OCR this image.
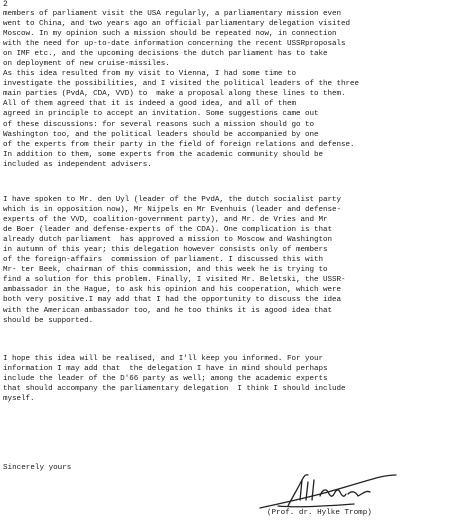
2
members of parliament visit the USA regularly, a parliamentary mission even
went to China, and two years ago an official parliamentary delegation visited
Moscow. In my opinion such a mission should be repeated now, in connection
with the need for up-to-date information concerning the recent USSRproposals
on IMF etc., and the upcoming decisions the dutch parliament has to take
on deployment of new cruise-missiles.
As this idea resulted from my visit to Vienna, I had some time to
investigate the possibilities, and I visited the political leaders of the three
main parties (PvdA, CDA, VVD) to  make a proposal along these lines to them.
All of them agreed that it is indeed a good idea, and all of them
agreed in principle to accept an invitation. Some suggestions came out
of these discussions: for several reasons such a mission should go to
Washington too, and the political leaders should be accompanied by one
of the experts from their party in the field of foreign relations and defense.
In addition to them, some experts from the academic community should be
included as independent advisers.
I have spoken to Mr. den Uyl (leader of the PvdA, the dutch socialist party
which is in opposition now), Mr Nijpels en Mr Evenhuis (leader and defense-
experts of the VVD, coalition-government party), and Mr. de Vries and Mr
de Boer (leader and defense-experts of the CDA). One complication is that
already dutch parliament  has approved a mission to Moscow and Washington
in autumn of this year; this delegation however consists only of members
of the foreign-affairs  commission of parliament. I discussed this with
Mr- ter Beek, chairman of this commission, and this week he is trying to
find a solution for this problem. Finally, I visited Mr. Beletski, the USSR-
ambassador in the Hague, to ask his opinion and his cooperation, which were
both very positive.I may add that I had the opportunity to discuss the idea
with the American ambassador too, and he too thinks it is agood idea that
should be supported.
I hope this idea will be realised, and I'll keep you informed. For your
information I may add that  the delegation I have in mind should perhaps
include the leader of the D'66 party as well; among the academic experts
that should accompany the parliamentary delegation  I think I should include
myself.
Sincerely yours
(Prof. dr. Hylke Tromp)
